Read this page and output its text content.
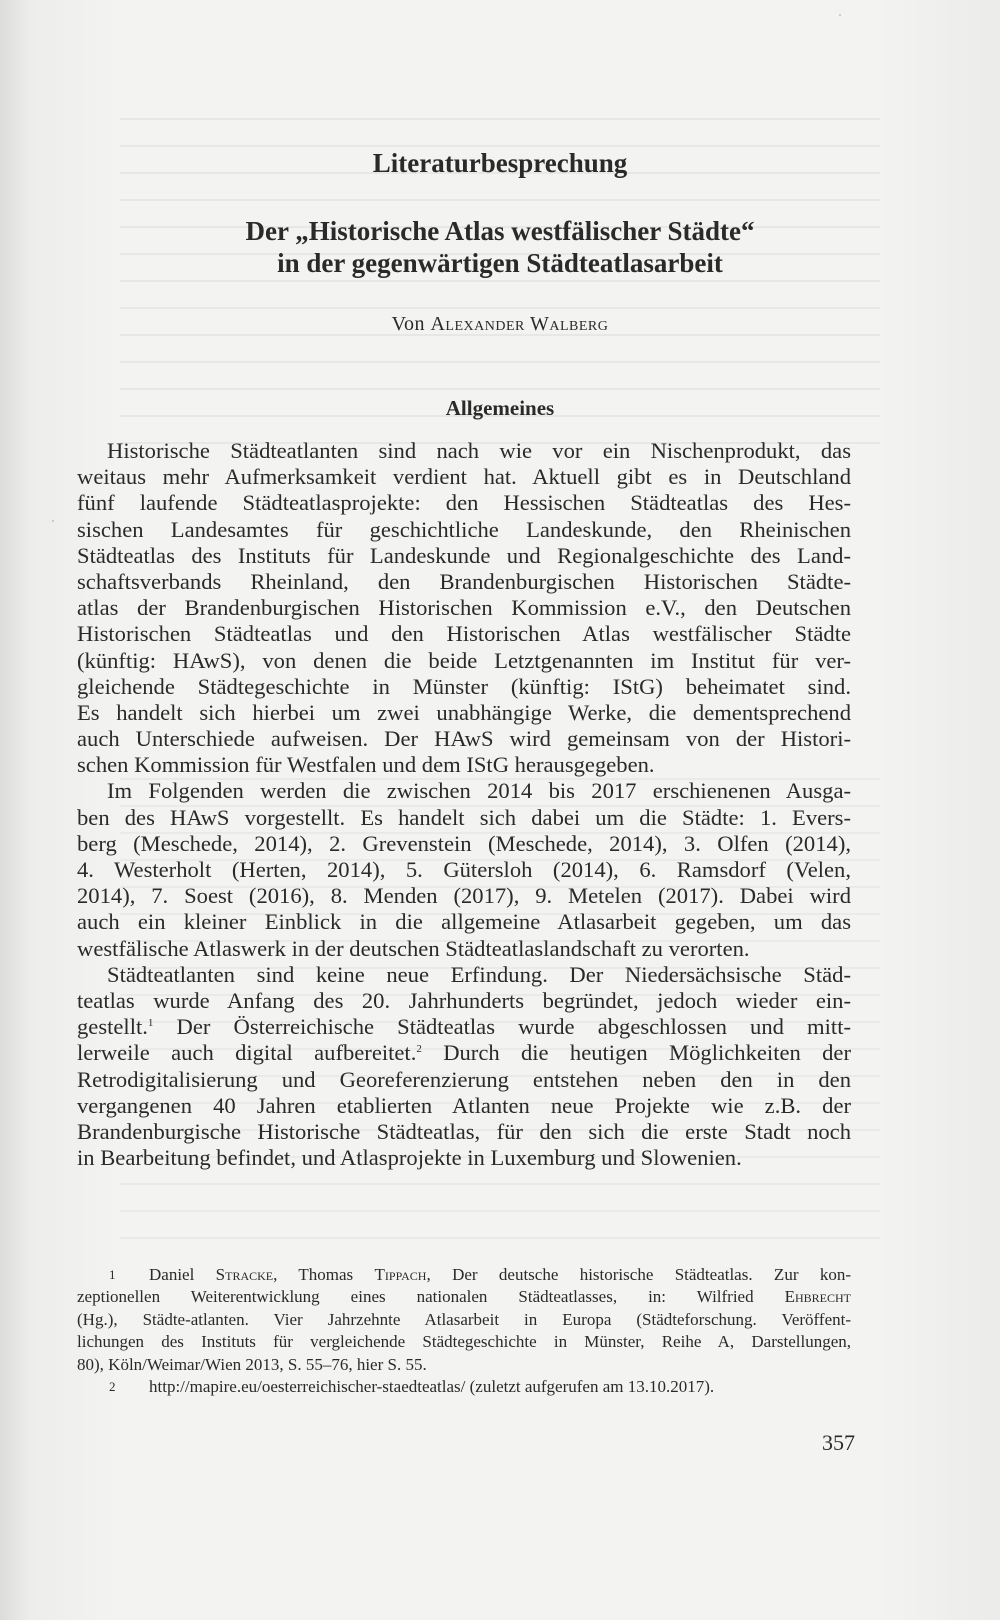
Literaturbesprechung
Der „Historische Atlas westfälischer Städte“
in der gegenwärtigen Städteatlasarbeit
Von Alexander Walberg
Allgemeines
Historische Städteatlanten sind nach wie vor ein Nischenprodukt, das
weitaus mehr Aufmerksamkeit verdient hat. Aktuell gibt es in Deutschland
fünf laufende Städteatlasprojekte: den Hessischen Städteatlas des Hes-
sischen Landesamtes für geschichtliche Landeskunde, den Rheinischen
Städteatlas des Instituts für Landeskunde und Regionalgeschichte des Land-
schaftsverbands Rheinland, den Brandenburgischen Historischen Städte-
atlas der Brandenburgischen Historischen Kommission e.V., den Deutschen
Historischen Städteatlas und den Historischen Atlas westfälischer Städte
(künftig: HAwS), von denen die beide Letztgenannten im Institut für ver-
gleichende Städtegeschichte in Münster (künftig: IStG) beheimatet sind.
Es handelt sich hierbei um zwei unabhängige Werke, die dementsprechend
auch Unterschiede aufweisen. Der HAwS wird gemeinsam von der Histori-
schen Kommission für Westfalen und dem IStG herausgegeben.
Im Folgenden werden die zwischen 2014 bis 2017 erschienenen Ausga-
ben des HAwS vorgestellt. Es handelt sich dabei um die Städte: 1. Evers-
berg (Meschede, 2014), 2. Grevenstein (Meschede, 2014), 3. Olfen (2014),
4. Westerholt (Herten, 2014), 5. Gütersloh (2014), 6. Ramsdorf (Velen,
2014), 7. Soest (2016), 8. Menden (2017), 9. Metelen (2017). Dabei wird
auch ein kleiner Einblick in die allgemeine Atlasarbeit gegeben, um das
westfälische Atlaswerk in der deutschen Städteatlaslandschaft zu verorten.
Städteatlanten sind keine neue Erfindung. Der Niedersächsische Städ-
teatlas wurde Anfang des 20. Jahrhunderts begründet, jedoch wieder ein-
gestellt.$^1$ Der Österreichische Städteatlas wurde abgeschlossen und mitt-
lerweile auch digital aufbereitet.$^2$ Durch die heutigen Möglichkeiten der
Retrodigitalisierung und Georeferenzierung entstehen neben den in den
vergangenen 40 Jahren etablierten Atlanten neue Projekte wie z.B. der
Brandenburgische Historische Städteatlas, für den sich die erste Stadt noch
in Bearbeitung befindet, und Atlasprojekte in Luxemburg und Slowenien.
1 Daniel Stracke, Thomas Tippach, Der deutsche historische Städteatlas. Zur kon-
zeptionellen Weiterentwicklung eines nationalen Städteatlasses, in: Wilfried Ehbrecht
(Hg.), Städte-atlanten. Vier Jahrzehnte Atlasarbeit in Europa (Städteforschung. Veröffent-
lichungen des Instituts für vergleichende Städtegeschichte in Münster, Reihe A, Darstellungen,
80), Köln/Weimar/Wien 2013, S. 55–76, hier S. 55.
2 http://mapire.eu/oesterreichischer-staedteatlas/ (zuletzt aufgerufen am 13.10.2017).
357
